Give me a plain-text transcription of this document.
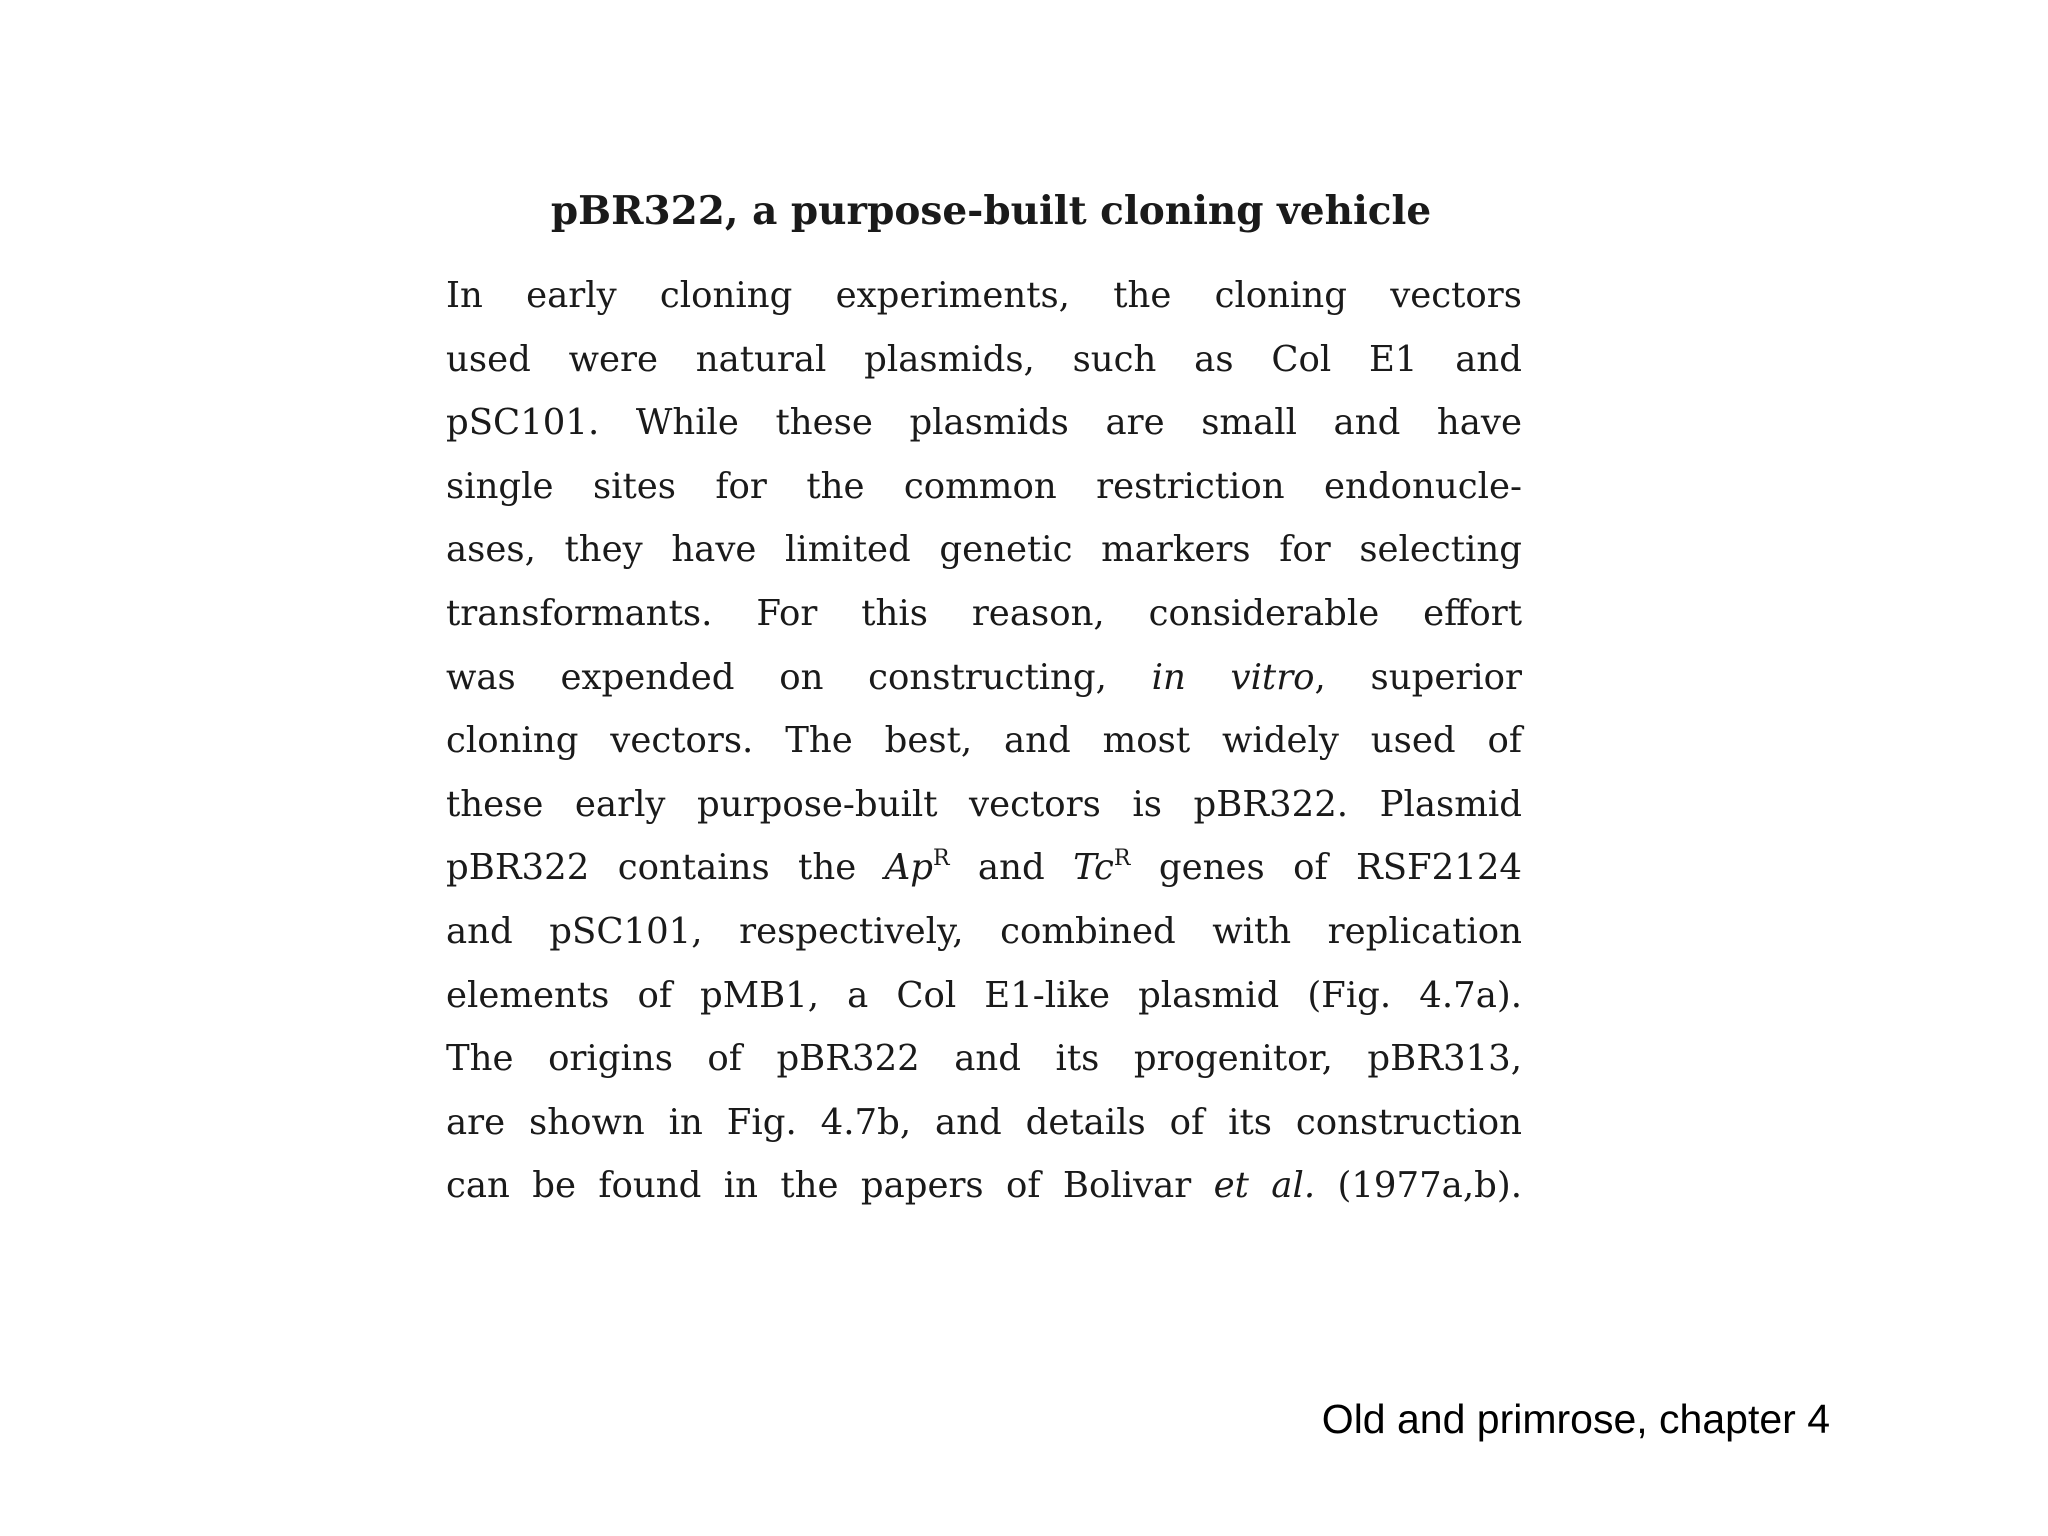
pBR322, a purpose-built cloning vehicle
In early cloning experiments, the cloning vectors
used were natural plasmids, such as Col E1 and
pSC101. While these plasmids are small and have
single sites for the common restriction endonucle-
ases, they have limited genetic markers for selecting
transformants. For this reason, considerable effort
was expended on constructing, in vitro, superior
cloning vectors. The best, and most widely used of
these early purpose-built vectors is pBR322. Plasmid
pBR322 contains the $Ap^R$ and $Tc^R$ genes of RSF2124
and pSC101, respectively, combined with replication
elements of pMB1, a Col E1-like plasmid (Fig. 4.7a).
The origins of pBR322 and its progenitor, pBR313,
are shown in Fig. 4.7b, and details of its construction
can be found in the papers of Bolivar et al. (1977a,b).
Old and primrose, chapter 4
